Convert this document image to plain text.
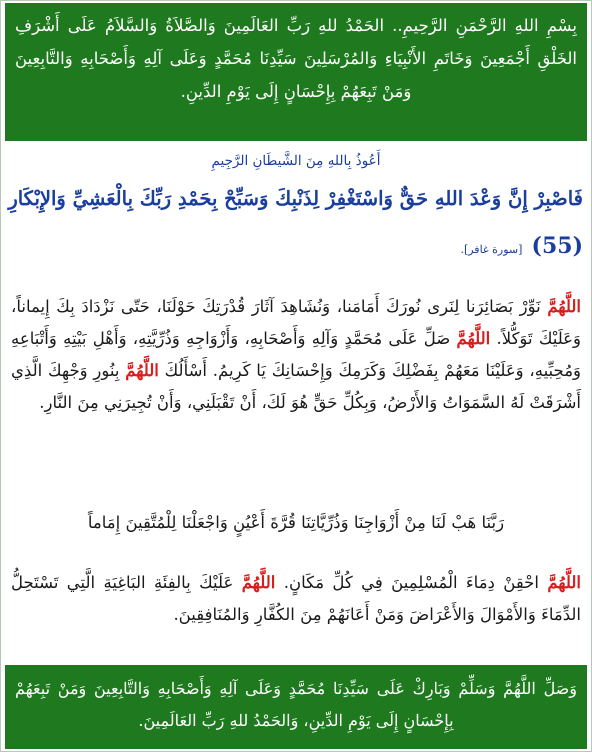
بِسْمِ اللهِ الرَّحْمَنِ الرَّحِيمِ.. الحَمْدُ للهِ رَبِّ العَالَمِينَ وَالصَّلاَةُ وَالسَّلاَمُ عَلَى أَشْرَفِ الخَلْقِ أَجْمَعِينَ وَخَاتَمِ الأَنْبِيَاءِ وَالمُرْسَلِينَ سَيِّدِنَا مُحَمَّدٍ وَعَلَى آلِهِ وَأَصْحَابِهِ وَالتَّابِعِينَ وَمَنْ تَبِعَهُمْ بِإِحْسَانٍ إِلَى يَوْمِ الدِّينِ.
أَعُوذُ بِاللهِ مِنَ الشَّيطَانِ الرَّجِيمِ
فَاصْبِرْ إِنَّ وَعْدَ اللهِ حَقٌّ وَاسْتَغْفِرْ لِذَنْبِكَ وَسَبِّحْ بِحَمْدِ رَبِّكَ بِالْعَشِيِّ وَالإِبْكَارِ
(55) [سورة غافر].
اللَّهُمَّ نَوِّرْ بَصَائِرَنا لِنَرى نُورَكَ أَمَامَنا، وَنُشَاهِدَ آثَارَ قُدْرَتِكَ حَوْلَنَا، حَتّى نَزْدَادَ بِكَ إِيماناً، وَعَلَيْكَ تَوَكُّلاً. اللَّهُمَّ صَلِّ عَلَى مُحَمَّدٍ وَآلِهِ وَأَصْحَابِهِ، وَأَزْوَاجِهِ وَذُرِّيَّتِهِ، وَأَهْلِ بَيْتِهِ وَأَتْبَاعِهِ وَمُحِبِّيهِ، وَعَلَيْنَا مَعَهُمْ بِفَضْلِكَ وَكَرَمِكَ وَإِحْسَانِكَ يَا كَرِيمُ. أَسْأَلُكَ اللَّهُمَّ بِنُورِ وَجْهِكَ الَّذِي أَشْرَقَتْ لَهُ السَّمَوَاتُ وَالأَرْضُ، وَبِكُلِّ حَقٍّ هُوَ لَكَ، أَنْ تَقْبَلَنِي، وَأَنْ تُجِيرَنِي مِنَ النَّارِ.
رَبَّنَا هَبْ لَنَا مِنْ أَزْوَاجِنَا وَذُرِّيَّاتِنَا قُرَّةَ أَعْيُنٍ وَاجْعَلْنَا لِلْمُتَّقِينَ إِمَاماً
اللَّهُمَّ احْقِنْ دِمَاءَ الْمُسْلِمِينَ فِي كُلِّ مَكَانٍ. اللَّهُمَّ عَلَيْكَ بِالفِئَةِ البَاغِيَةِ الَّتِي تَسْتَحِلُّ الدِّمَاءَ وَالأَمْوَالَ وَالأَعْرَاضَ وَمَنْ أَعَانَهُمْ مِنَ الكُفَّارِ وَالمُنَافِقِينَ.
وَصَلِّ اللَّهُمَّ وَسَلِّمْ وَبَارِكْ عَلَى سَيِّدِنَا مُحَمَّدٍ وَعَلَى آلِهِ وَأَصْحَابِهِ وَالتَّابِعِينَ وَمَنْ تَبِعَهُمْ بِإِحْسَانٍ إِلَى يَوْمِ الدِّينِ، وَالحَمْدُ للهِ رَبِّ العَالَمِينَ.
